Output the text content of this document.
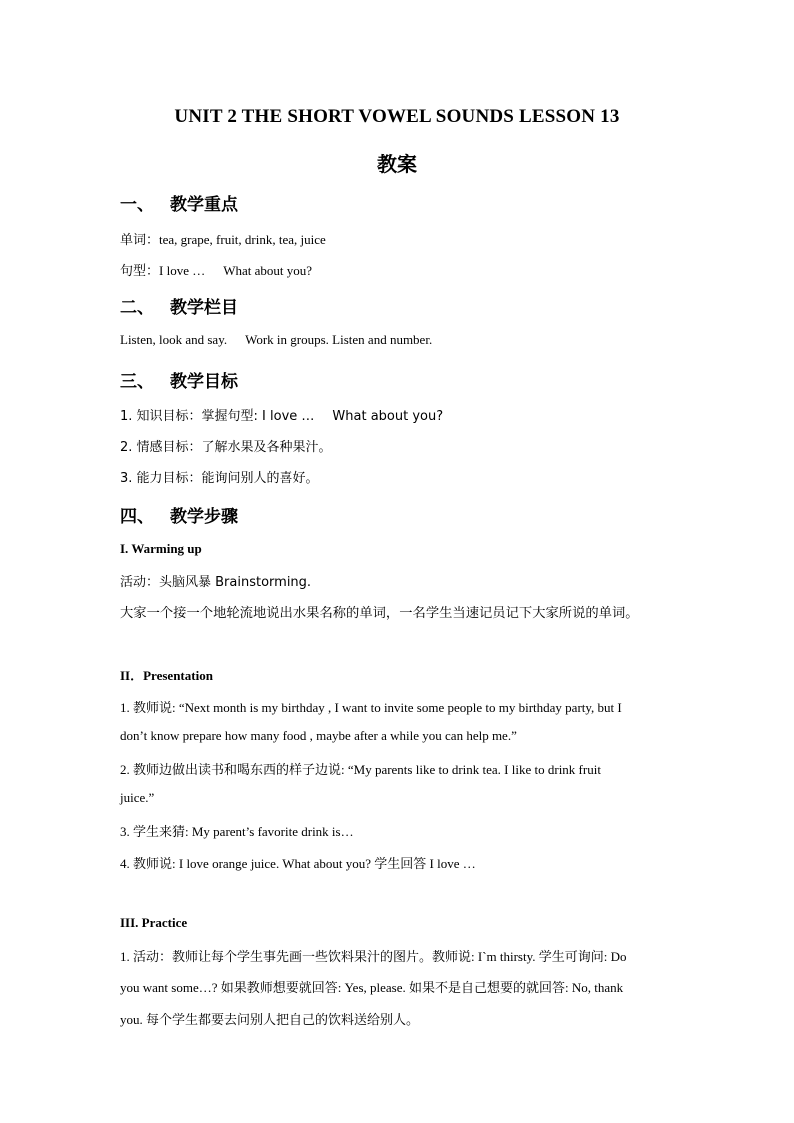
UNIT 2 THE SHORT VOWEL SOUNDS LESSON 13
教案
一、 教学重点
单词：tea, grape, fruit, drink, tea, juice
句型：I love … What about you?
二、 教学栏目
Listen, look and say. Work in groups. Listen and number.
三、 教学目标
1. 知识目标：掌握句型: I love … What about you?
2. 情感目标：了解水果及各种果汁。
3. 能力目标：能询问别人的喜好。
四、 教学步骤
I. Warming up
活动：头脑风暴 Brainstorming.
大家一个接一个地轮流地说出水果名称的单词，一名学生当速记员记下大家所说的单词。
II．Presentation
1. 教师说: “Next month is my birthday , I want to invite some people to my birthday party, but I
don’t know prepare how many food , maybe after a while you can help me.”
2. 教师边做出读书和喝东西的样子边说: “My parents like to drink tea. I like to drink fruit
juice.”
3. 学生来猜: My parent’s favorite drink is…
4. 教师说: I love orange juice. What about you? 学生回答 I love …
III. Practice
1. 活动：教师让每个学生事先画一些饮料果汁的图片。教师说: I`m thirsty. 学生可询问: Do
you want some…? 如果教师想要就回答: Yes, please. 如果不是自己想要的就回答: No, thank
you. 每个学生都要去问别人把自己的饮料送给别人。
